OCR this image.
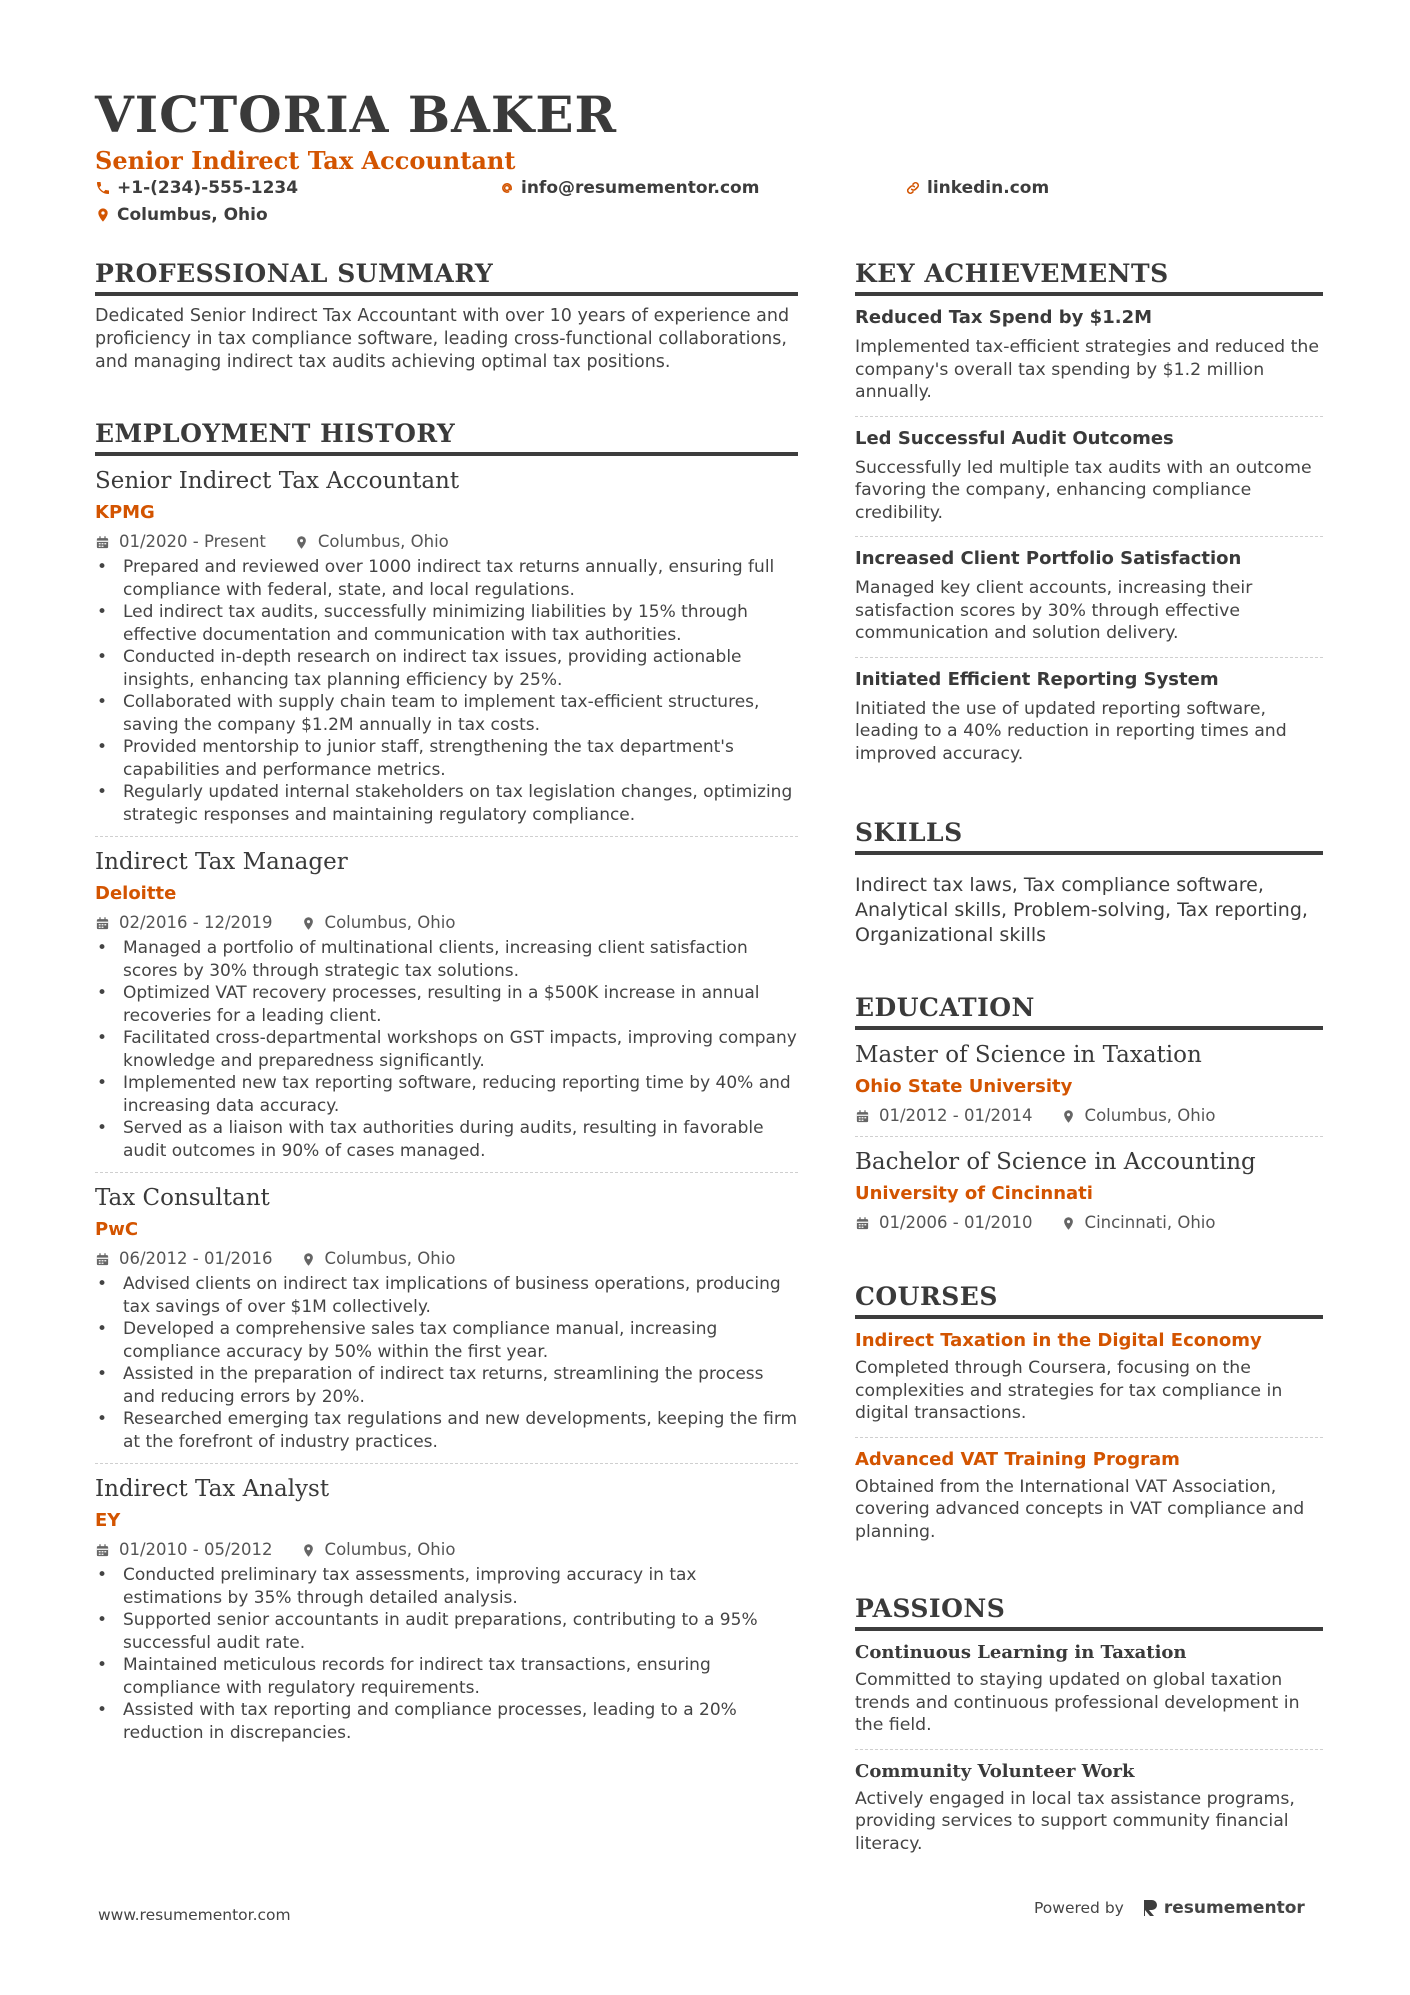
VICTORIA BAKER
Senior Indirect Tax Accountant
+1-(234)-555-1234	info@resumementor.com	linkedin.com
Columbus, Ohio
PROFESSIONAL SUMMARY
Dedicated Senior Indirect Tax Accountant with over 10 years of experience and proficiency in tax compliance software, leading cross-functional collaborations, and managing indirect tax audits achieving optimal tax positions.
EMPLOYMENT HISTORY
Senior Indirect Tax Accountant
KPMG
01/2020 - Present	Columbus, Ohio
• Prepared and reviewed over 1000 indirect tax returns annually, ensuring full compliance with federal, state, and local regulations.
• Led indirect tax audits, successfully minimizing liabilities by 15% through effective documentation and communication with tax authorities.
• Conducted in-depth research on indirect tax issues, providing actionable insights, enhancing tax planning efficiency by 25%.
• Collaborated with supply chain team to implement tax-efficient structures, saving the company $1.2M annually in tax costs.
• Provided mentorship to junior staff, strengthening the tax department's capabilities and performance metrics.
• Regularly updated internal stakeholders on tax legislation changes, optimizing strategic responses and maintaining regulatory compliance.
Indirect Tax Manager
Deloitte
02/2016 - 12/2019	Columbus, Ohio
• Managed a portfolio of multinational clients, increasing client satisfaction scores by 30% through strategic tax solutions.
• Optimized VAT recovery processes, resulting in a $500K increase in annual recoveries for a leading client.
• Facilitated cross-departmental workshops on GST impacts, improving company knowledge and preparedness significantly.
• Implemented new tax reporting software, reducing reporting time by 40% and increasing data accuracy.
• Served as a liaison with tax authorities during audits, resulting in favorable audit outcomes in 90% of cases managed.
Tax Consultant
PwC
06/2012 - 01/2016	Columbus, Ohio
• Advised clients on indirect tax implications of business operations, producing tax savings of over $1M collectively.
• Developed a comprehensive sales tax compliance manual, increasing compliance accuracy by 50% within the first year.
• Assisted in the preparation of indirect tax returns, streamlining the process and reducing errors by 20%.
• Researched emerging tax regulations and new developments, keeping the firm at the forefront of industry practices.
Indirect Tax Analyst
EY
01/2010 - 05/2012	Columbus, Ohio
• Conducted preliminary tax assessments, improving accuracy in tax estimations by 35% through detailed analysis.
• Supported senior accountants in audit preparations, contributing to a 95% successful audit rate.
• Maintained meticulous records for indirect tax transactions, ensuring compliance with regulatory requirements.
• Assisted with tax reporting and compliance processes, leading to a 20% reduction in discrepancies.
KEY ACHIEVEMENTS
Reduced Tax Spend by $1.2M
Implemented tax-efficient strategies and reduced the company's overall tax spending by $1.2 million annually.
Led Successful Audit Outcomes
Successfully led multiple tax audits with an outcome favoring the company, enhancing compliance credibility.
Increased Client Portfolio Satisfaction
Managed key client accounts, increasing their satisfaction scores by 30% through effective communication and solution delivery.
Initiated Efficient Reporting System
Initiated the use of updated reporting software, leading to a 40% reduction in reporting times and improved accuracy.
SKILLS
Indirect tax laws, Tax compliance software, Analytical skills, Problem-solving, Tax reporting, Organizational skills
EDUCATION
Master of Science in Taxation
Ohio State University
01/2012 - 01/2014	Columbus, Ohio
Bachelor of Science in Accounting
University of Cincinnati
01/2006 - 01/2010	Cincinnati, Ohio
COURSES
Indirect Taxation in the Digital Economy
Completed through Coursera, focusing on the complexities and strategies for tax compliance in digital transactions.
Advanced VAT Training Program
Obtained from the International VAT Association, covering advanced concepts in VAT compliance and planning.
PASSIONS
Continuous Learning in Taxation
Committed to staying updated on global taxation trends and continuous professional development in the field.
Community Volunteer Work
Actively engaged in local tax assistance programs, providing services to support community financial literacy.
www.resumementor.com	Powered by resumementor
